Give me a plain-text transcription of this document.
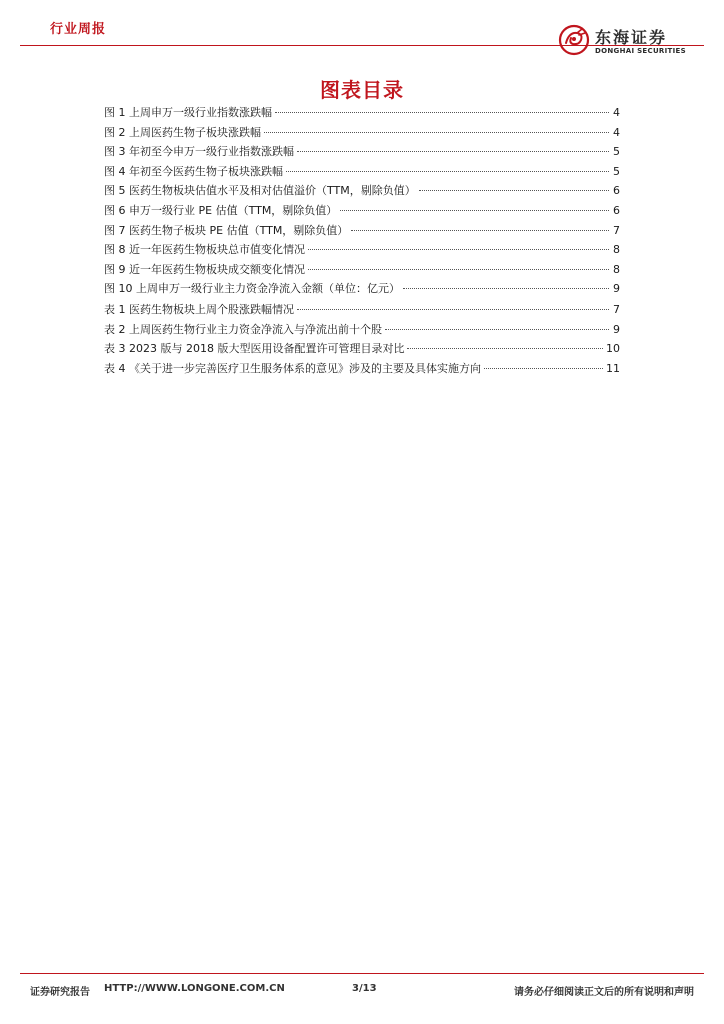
行业周报	东海证券
DONGHAI SECURITIES
图表目录
图 1 上周申万一级行业指数涨跌幅	4
图 2 上周医药生物子板块涨跌幅	4
图 3 年初至今申万一级行业指数涨跌幅	5
图 4 年初至今医药生物子板块涨跌幅	5
图 5 医药生物板块估值水平及相对估值溢价（TTM，剔除负值）	6
图 6 申万一级行业 PE 估值（TTM，剔除负值）	6
图 7 医药生物子板块 PE 估值（TTM，剔除负值）	7
图 8 近一年医药生物板块总市值变化情况	8
图 9 近一年医药生物板块成交额变化情况	8
图 10 上周申万一级行业主力资金净流入金额（单位：亿元）	9
表 1 医药生物板块上周个股涨跌幅情况	7
表 2 上周医药生物行业主力资金净流入与净流出前十个股	9
表 3 2023 版与 2018 版大型医用设备配置许可管理目录对比	10
表 4 《关于进一步完善医疗卫生服务体系的意见》涉及的主要及具体实施方向	11
证券研究报告 HTTP://WWW.LONGONE.COM.CN	3/13	请务必仔细阅读正文后的所有说明和声明
